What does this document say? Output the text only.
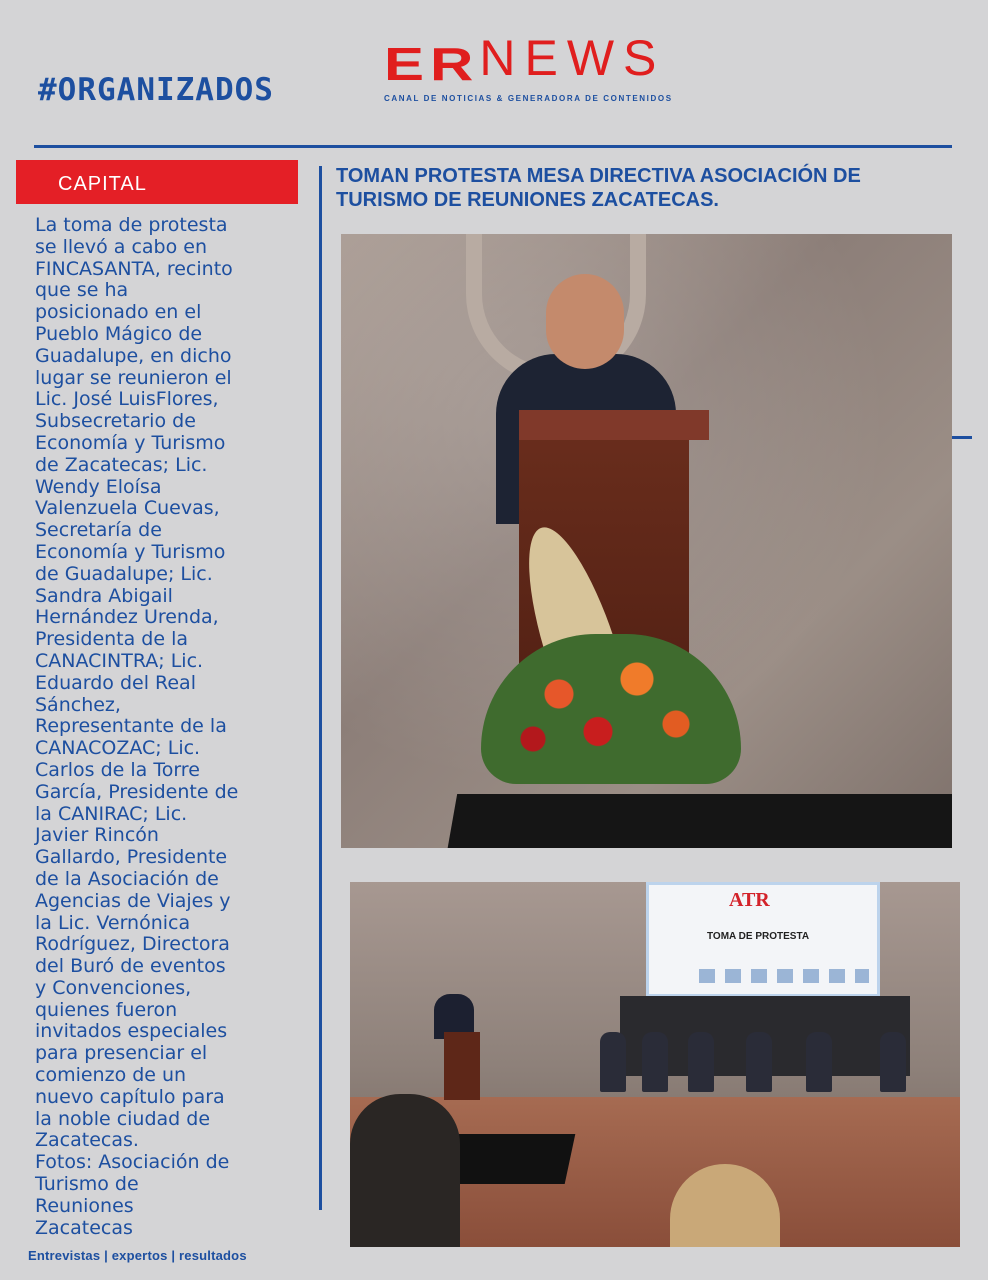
#ORGANIZADOS ERNEWS
CANAL DE NOTICIAS & GENERADORA DE CONTENIDOS
CAPITAL	TOMAN PROTESTA MESA DIRECTIVA ASOCIACIÓN DE TURISMO DE REUNIONES ZACATECAS.
La toma de protesta
se llevó a cabo en
FINCASANTA, recinto
que se ha
posicionado en el
Pueblo Mágico de
Guadalupe, en dicho
lugar se reunieron el
Lic. José LuisFlores,
Subsecretario de
Economía y Turismo
de Zacatecas; Lic.
Wendy Eloísa
Valenzuela Cuevas,
Secretaría de
Economía y Turismo
de Guadalupe; Lic.
Sandra Abigail
Hernández Urenda,
Presidenta de la
CANACINTRA; Lic.
Eduardo del Real
Sánchez,
Representante de la
CANACOZAC; Lic.
Carlos de la Torre
García, Presidente de
la CANIRAC; Lic.
Javier Rincón
Gallardo, Presidente
de la Asociación de
Agencias de Viajes y
la Lic. Vernónica
Rodríguez, Directora
del Buró de eventos
y Convenciones,
quienes fueron
invitados especiales
para presenciar el
comienzo de un
nuevo capítulo para
la noble ciudad de
Zacatecas.
Fotos: Asociación de
Turismo de
Reuniones
Zacatecas
ATR
TOMA DE PROTESTA
Entrevistas | expertos | resultados
